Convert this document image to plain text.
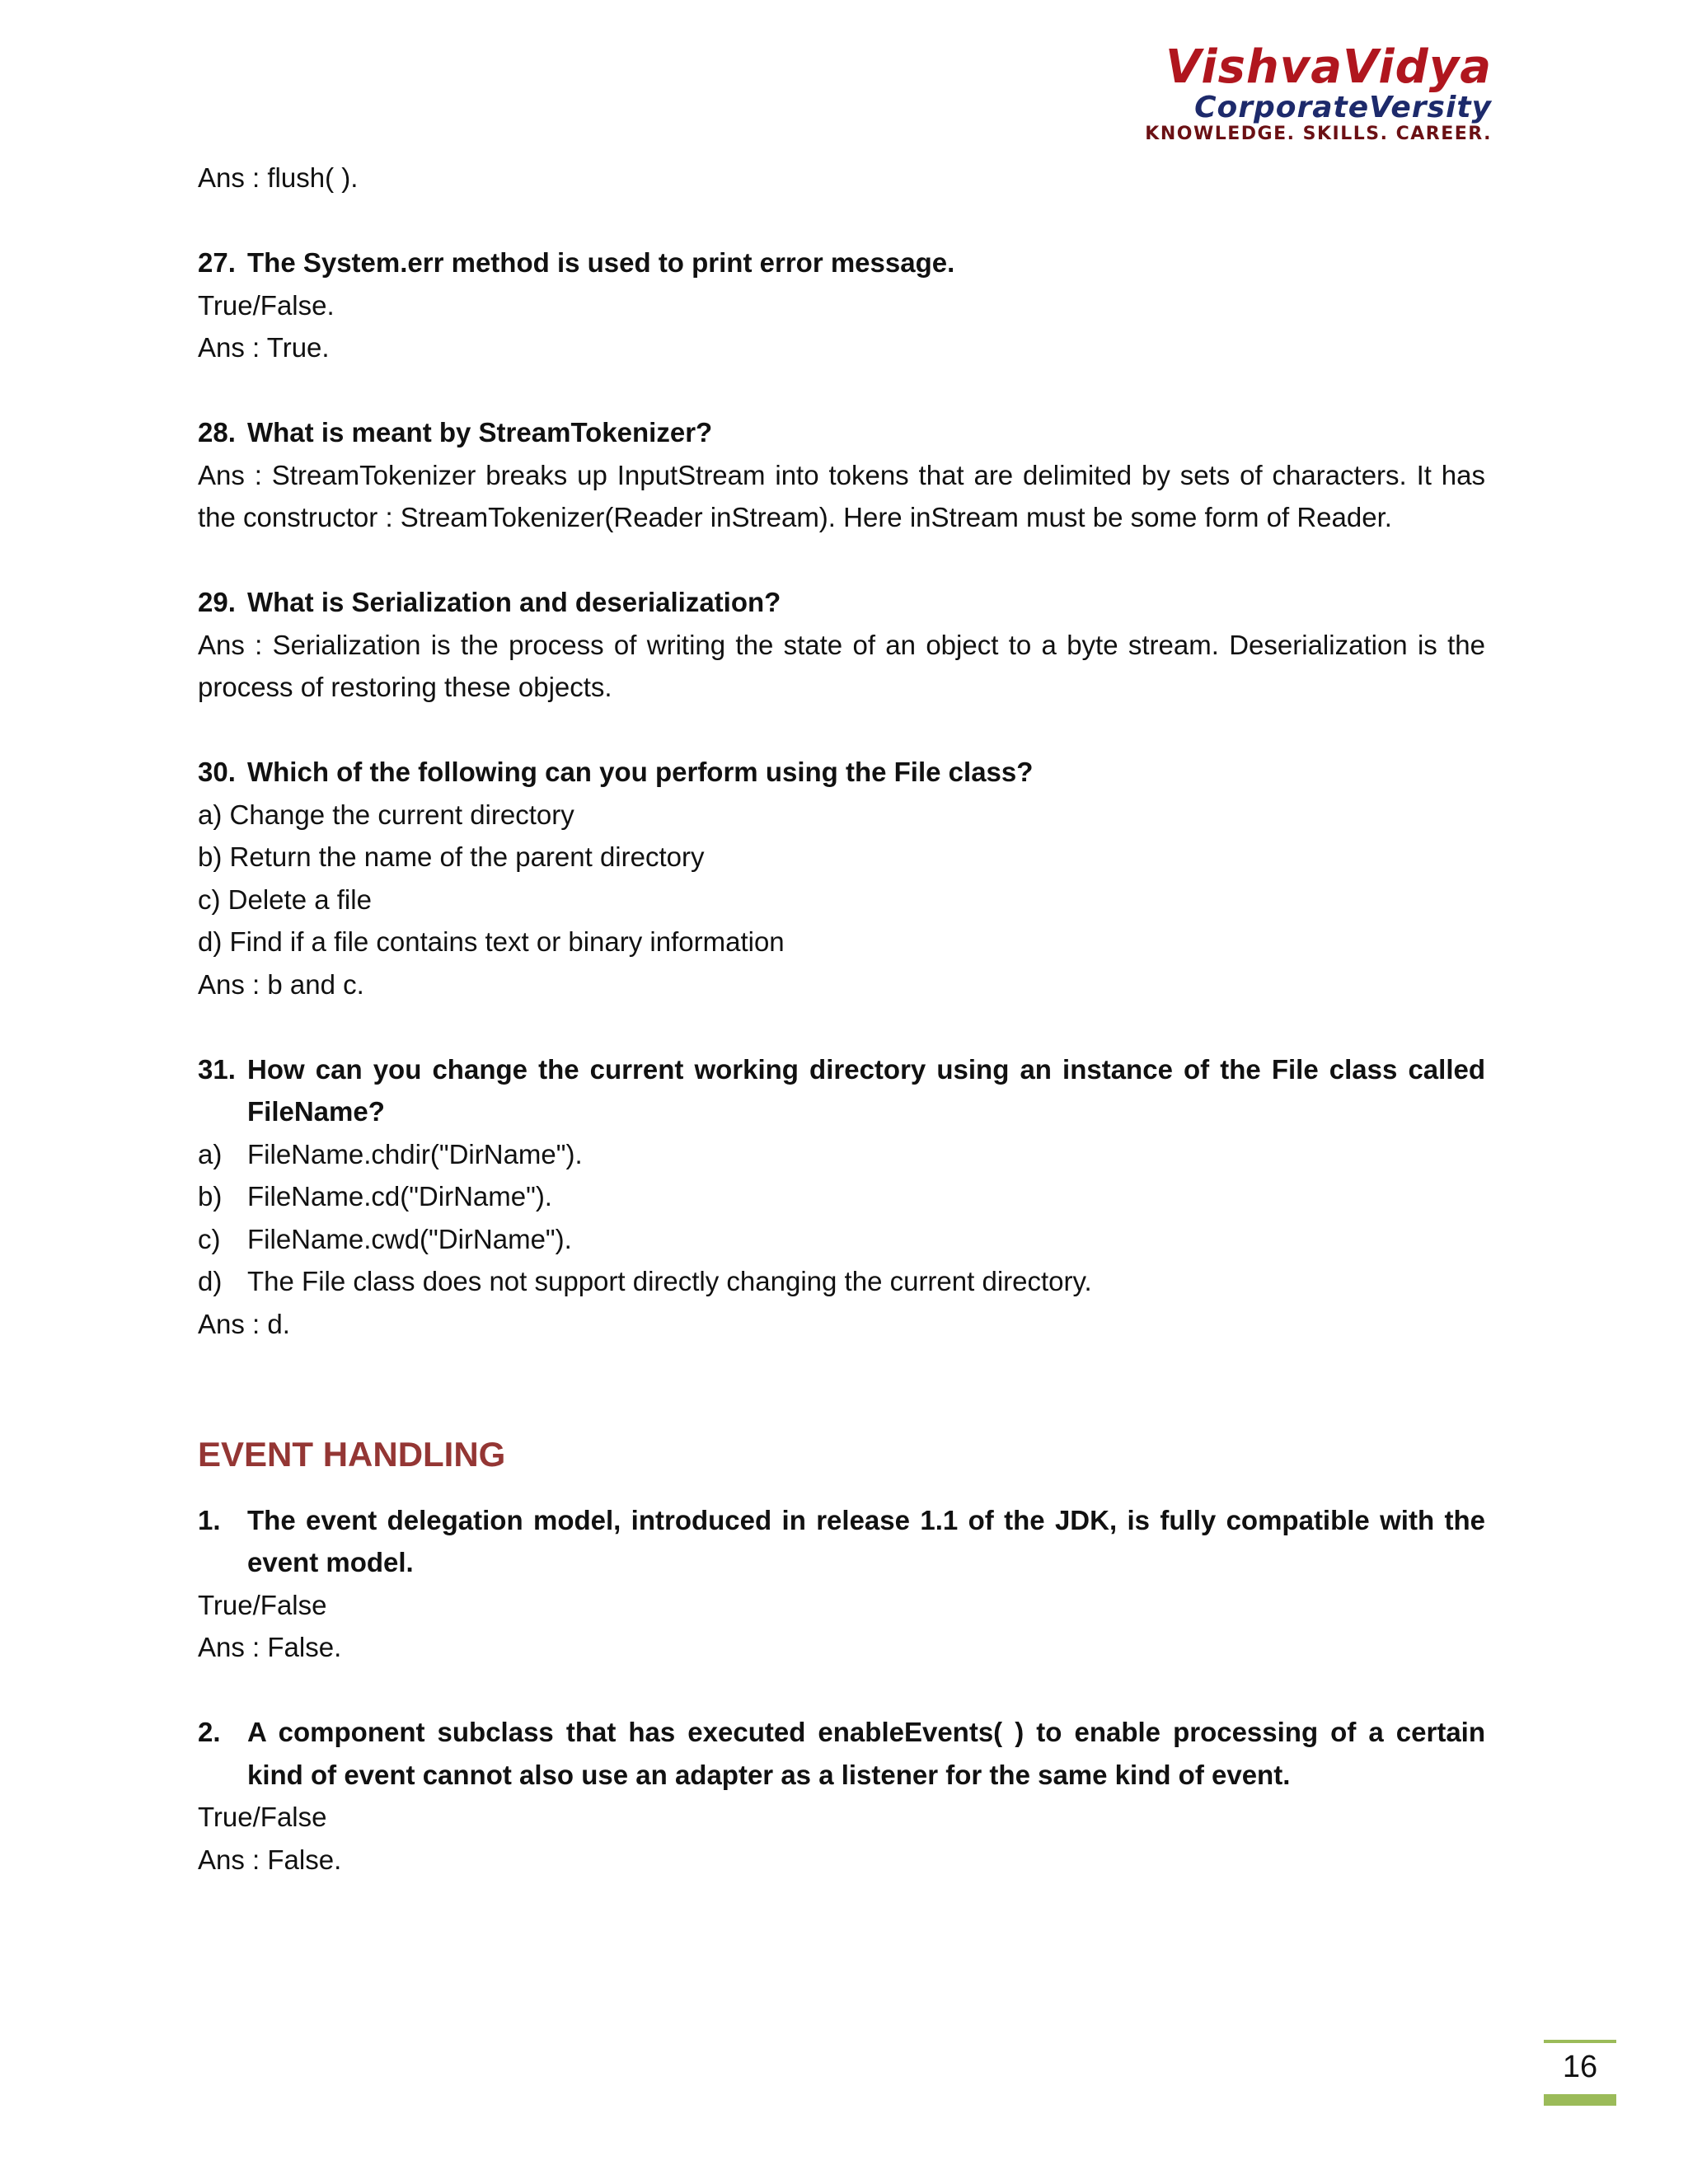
VishvaVidya
CorporateVersity
KNOWLEDGE. SKILLS. CAREER.
Ans : flush( ).
27. The System.err method is used to print error message.
True/False.
Ans : True.
28. What is meant by StreamTokenizer?
Ans : StreamTokenizer breaks up InputStream into tokens that are delimited by sets of characters. It has the constructor : StreamTokenizer(Reader inStream). Here inStream must be some form of Reader.
29. What is Serialization and deserialization?
Ans : Serialization is the process of writing the state of an object to a byte stream. Deserialization is the process of restoring these objects.
30. Which of the following can you perform using the File class?
a) Change the current directory
b) Return the name of the parent directory
c) Delete a file
d) Find if a file contains text or binary information
Ans : b and c.
31. How can you change the current working directory using an instance of the File class called FileName?
a) FileName.chdir("DirName").
b) FileName.cd("DirName").
c) FileName.cwd("DirName").
d) The File class does not support directly changing the current directory.
Ans : d.
EVENT HANDLING
1. The event delegation model, introduced in release 1.1 of the JDK, is fully compatible with the event model.
True/False
Ans : False.
2. A component subclass that has executed enableEvents( ) to enable processing of a certain kind of event cannot also use an adapter as a listener for the same kind of event.
True/False
Ans : False.
16
